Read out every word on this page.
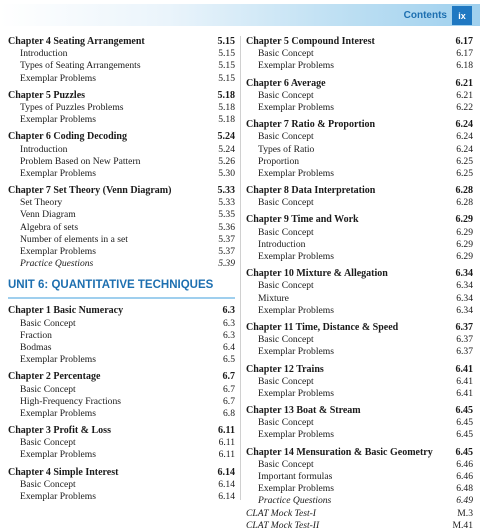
Contents	ix
Chapter 4 Seating Arrangement	5.15
Introduction	5.15
Types of Seating Arrangements	5.15
Exemplar Problems	5.15
Chapter 5 Puzzles	5.18
Types of Puzzles Problems	5.18
Exemplar Problems	5.18
Chapter 6 Coding Decoding	5.24
Introduction	5.24
Problem Based on New Pattern	5.26
Exemplar Problems	5.30
Chapter 7 Set Theory (Venn Diagram)	5.33
Set Theory	5.33
Venn Diagram	5.35
Algebra of sets	5.36
Number of elements in a set	5.37
Exemplar Problems	5.37
Practice Questions	5.39
UNIT 6: QUANTITATIVE TECHNIQUES
Chapter 1 Basic Numeracy	6.3
Basic Concept	6.3
Fraction	6.3
Bodmas	6.4
Exemplar Problems	6.5
Chapter 2 Percentage	6.7
Basic Concept	6.7
High-Frequency Fractions	6.7
Exemplar Problems	6.8
Chapter 3 Profit & Loss	6.11
Basic Concept	6.11
Exemplar Problems	6.11
Chapter 4 Simple Interest	6.14
Basic Concept	6.14
Exemplar Problems	6.14
Chapter 5 Compound Interest	6.17
Basic Concept	6.17
Exemplar Problems	6.18
Chapter 6 Average	6.21
Basic Concept	6.21
Exemplar Problems	6.22
Chapter 7 Ratio & Proportion	6.24
Basic Concept	6.24
Types of Ratio	6.24
Proportion	6.25
Exemplar Problems	6.25
Chapter 8 Data Interpretation	6.28
Basic Concept	6.28
Chapter 9 Time and Work	6.29
Basic Concept	6.29
Introduction	6.29
Exemplar Problems	6.29
Chapter 10 Mixture & Allegation	6.34
Basic Concept	6.34
Mixture	6.34
Exemplar Problems	6.34
Chapter 11 Time, Distance & Speed	6.37
Basic Concept	6.37
Exemplar Problems	6.37
Chapter 12 Trains	6.41
Basic Concept	6.41
Exemplar Problems	6.41
Chapter 13 Boat & Stream	6.45
Basic Concept	6.45
Exemplar Problems	6.45
Chapter 14 Mensuration & Basic Geometry	6.45
Basic Concept	6.46
Important formulas	6.46
Exemplar Problems	6.48
Practice Questions	6.49
CLAT Mock Test-I	M.3
CLAT Mock Test-II	M.41
